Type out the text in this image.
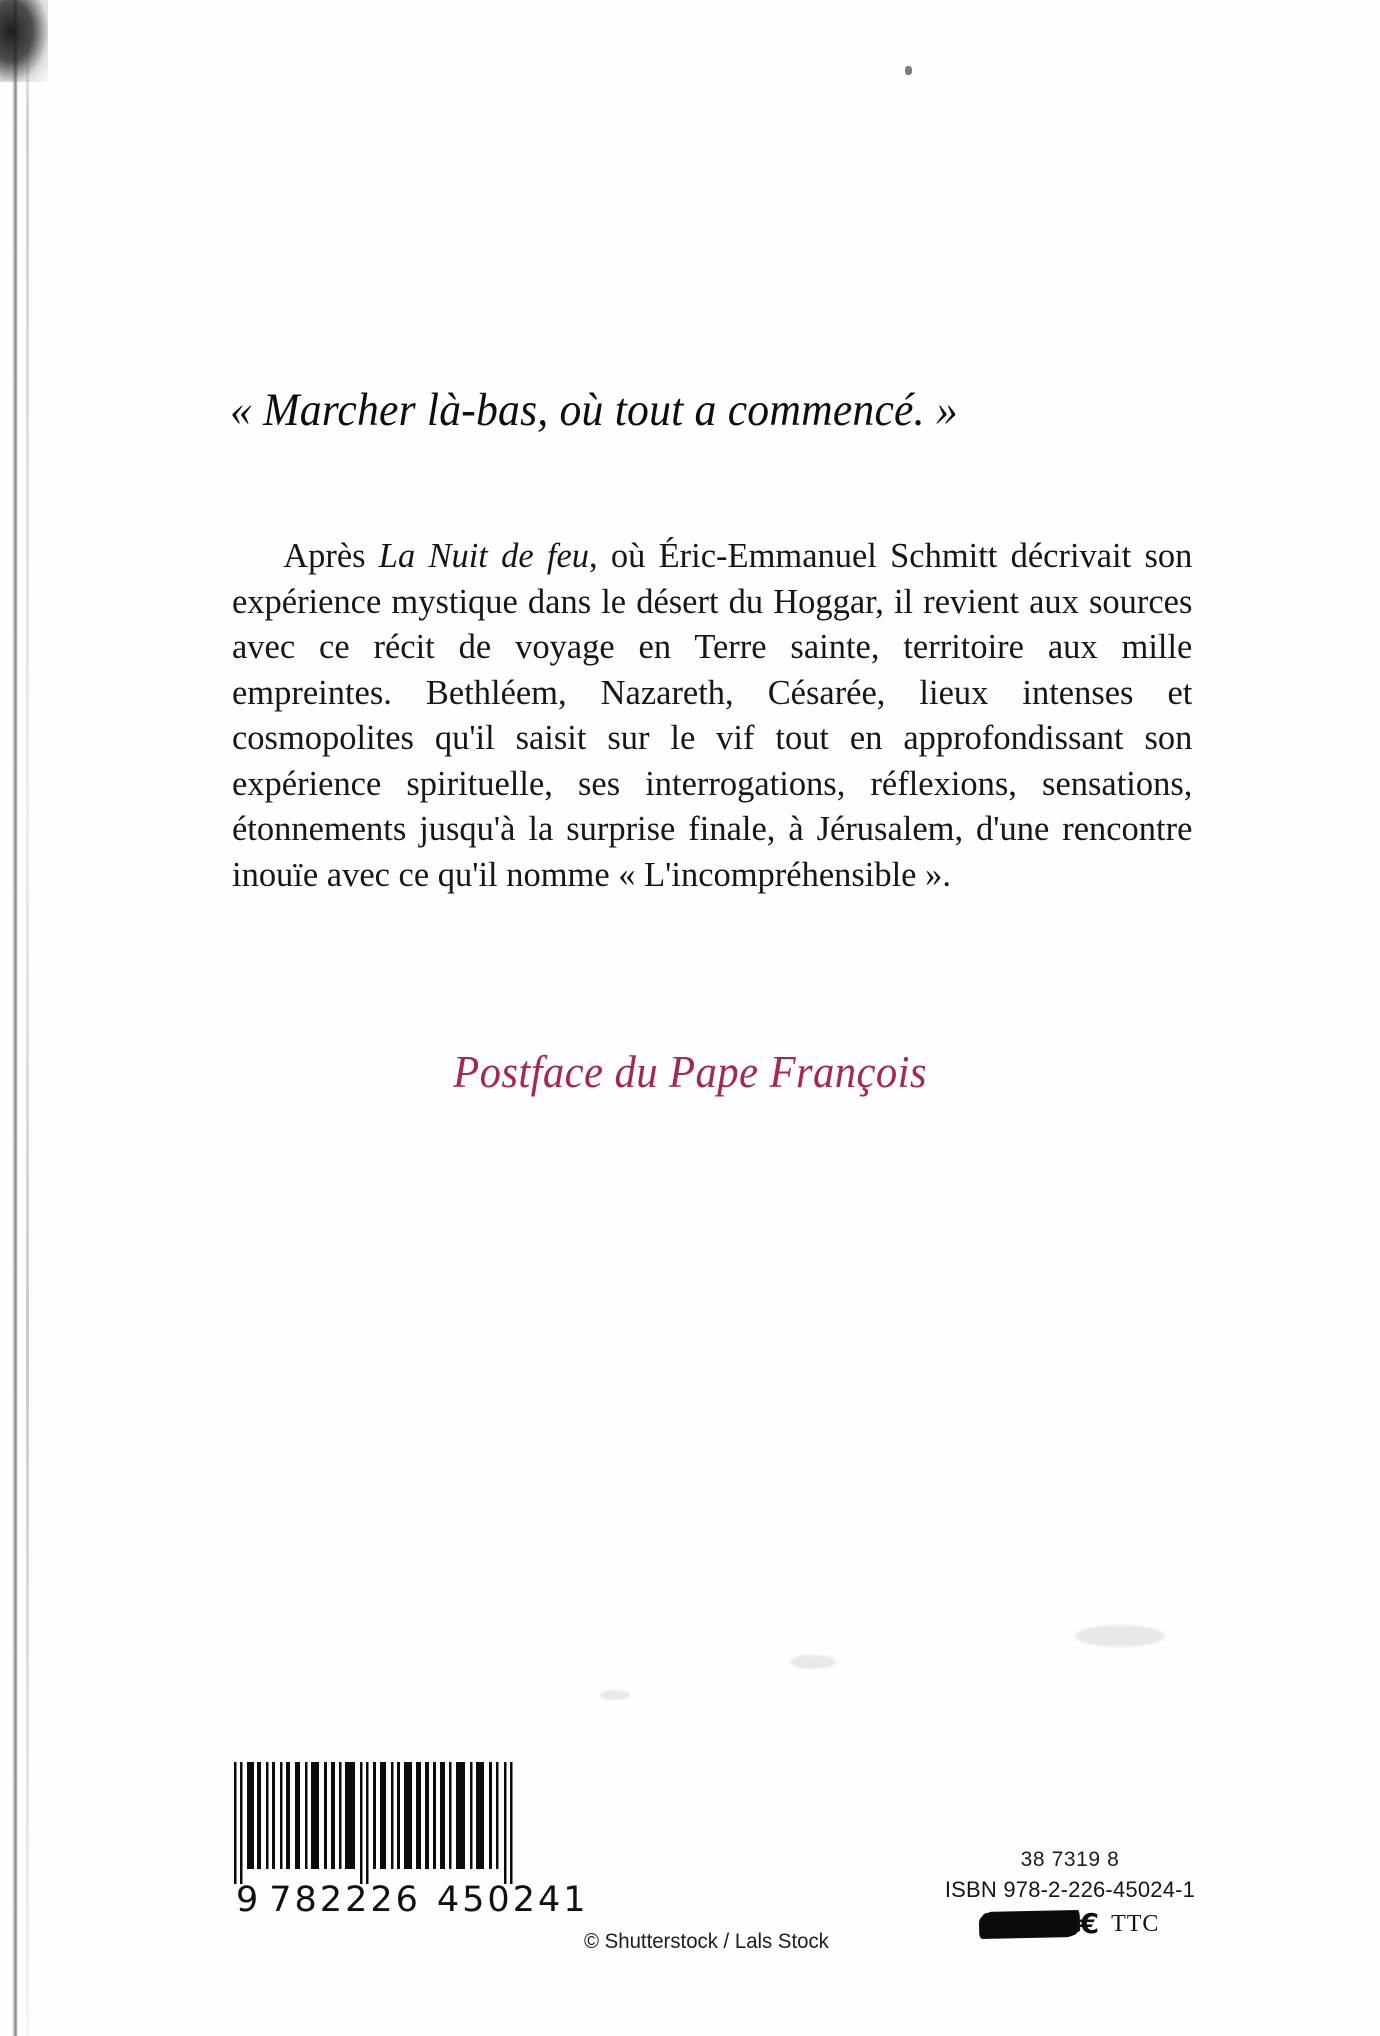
« Marcher là-bas, où tout a commencé. »

Après La Nuit de feu, où Éric-Emmanuel Schmitt décrivait son expérience mystique dans le désert du Hoggar, il revient aux sources avec ce récit de voyage en Terre sainte, territoire aux mille empreintes. Bethléem, Nazareth, Césarée, lieux intenses et cosmopolites qu'il saisit sur le vif tout en approfondissant son expérience spirituelle, ses interrogations, réflexions, sensations, étonnements jusqu'à la surprise finale, à Jérusalem, d'une rencontre inouïe avec ce qu'il nomme « L'incompréhensible ».

Postface du Pape François
9 782226 450241
© Shutterstock / Lals Stock
38 7319 8
ISBN 978-2-226-45024-1
€ TTC
